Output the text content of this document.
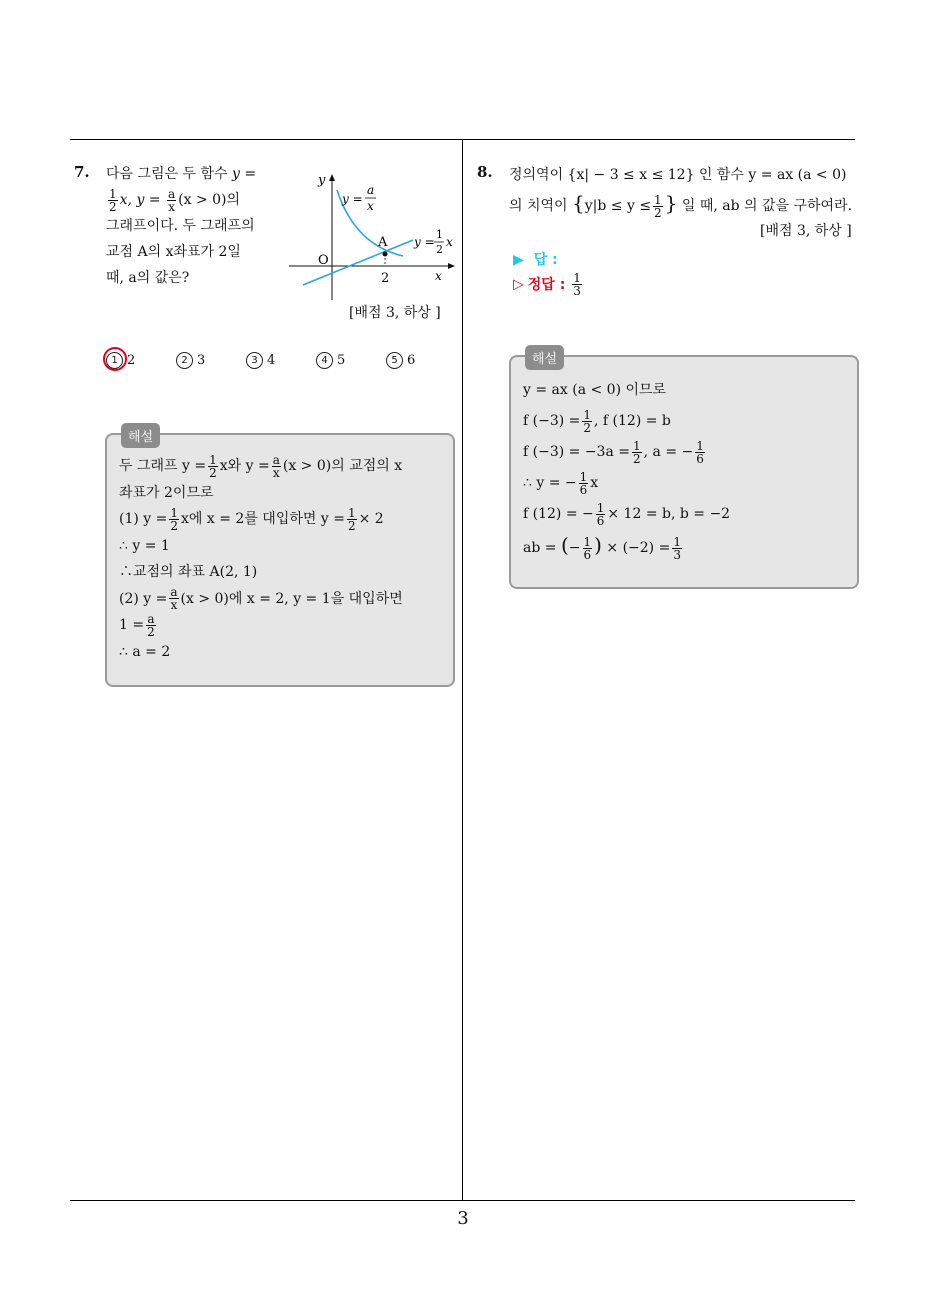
7. 다음 그림은 두 함수 y =
$\frac{1}{2} x$, $y = \frac{a}{x} (x > 0)$의
그래프이다. 두 그래프의
교점 A의 x좌표가 2일
때, a의 값은?
y
x
O
A
2
y =
a
x
y =
1
2
x
[배점 3, 하상 ]
1 2	2 3	3 4	4 5	5 6
해설
두 그래프 $y = \frac{1}{2}$ x와 $y = \frac{a}{x} (x > 0)$의 교점의 x
좌표가 2이므로
(1) $y = \frac{1}{2}$ x에 x = 2를 대입하면 $y = \frac{1}{2} \times 2$
∴ y = 1
∴교점의 좌표 A(2, 1)
(2) $y = \frac{a}{x} (x > 0)$에 x = 2, y = 1을 대입하면
$1 = \frac{a}{2}$
∴ a = 2
8. 정의역이 {x| − 3 ≤ x ≤ 12} 인 함수 y = ax (a < 0)
의 치역이 {$y|b \le y \le \frac{1}{2}$ } 일 때, ab 의 값을 구하여라.
[배점 3, 하상 ]
▶ 답 :
▷ 정답 : $\frac{1}{3}$
해설
y = ax (a < 0) 이므로
f $(-3) = \frac{1}{2}$ , f (12) = b
f $(-3) = -3a = \frac{1}{2}$ , a = − $\frac{1}{6}$
∴ y = − $\frac{1}{6}$ x
f (12) = − $\frac{1}{6} \times 12 = b$, b = −2
ab = (− $\frac{1}{6}$ ) × $(-2) = \frac{1}{3}$
3
